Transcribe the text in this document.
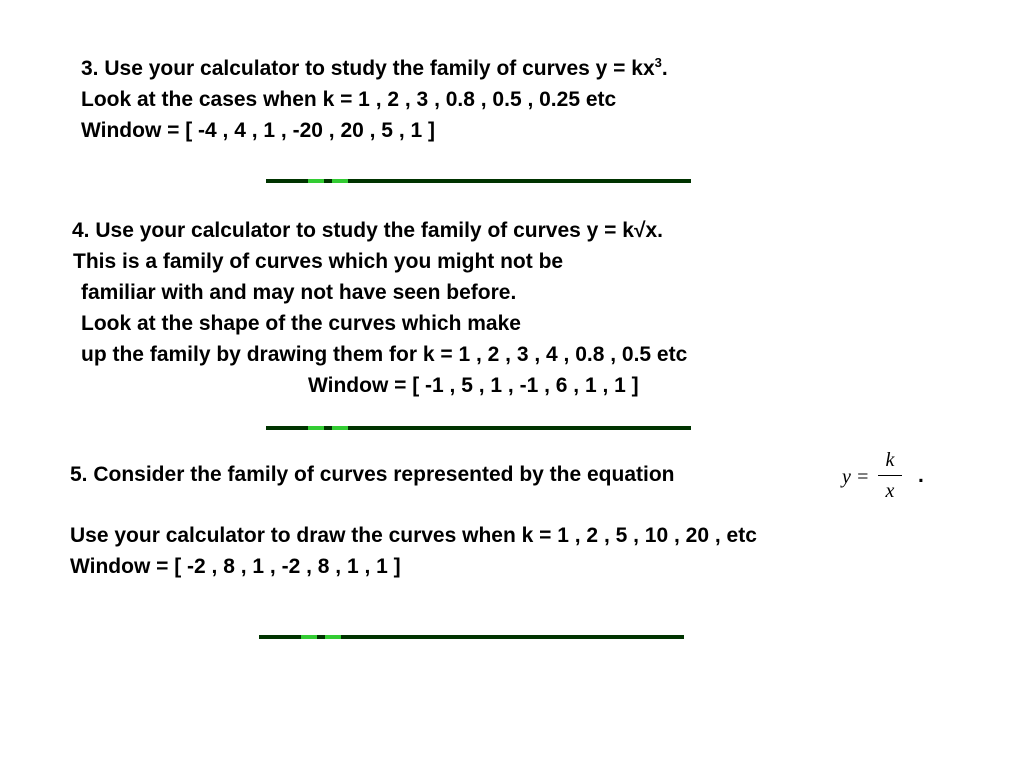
3. Use your calculator to study the family of curves $y = kx^3$.
Look at the cases when k = 1 , 2 , 3 , 0.8 , 0.5 , 0.25 etc
Window = [ -4 , 4 , 1 , -20 , 20 , 5 , 1 ]
4. Use your calculator to study the family of curves y = k√x.
This is a family of curves which you might not be
familiar with and may not have seen before.
Look at the shape of the curves which make
up the family by drawing them for k = 1 , 2 , 3 , 4 , 0.8 , 0.5 etc
Window = [ -1 , 5 , 1 , -1 , 6 , 1 , 1 ]
5. Consider the family of curves represented by the equation	y =
k
x
.
Use your calculator to draw the curves when k = 1 , 2 , 5 , 10 , 20 , etc
Window = [ -2 , 8 , 1 , -2 , 8 , 1 , 1 ]
